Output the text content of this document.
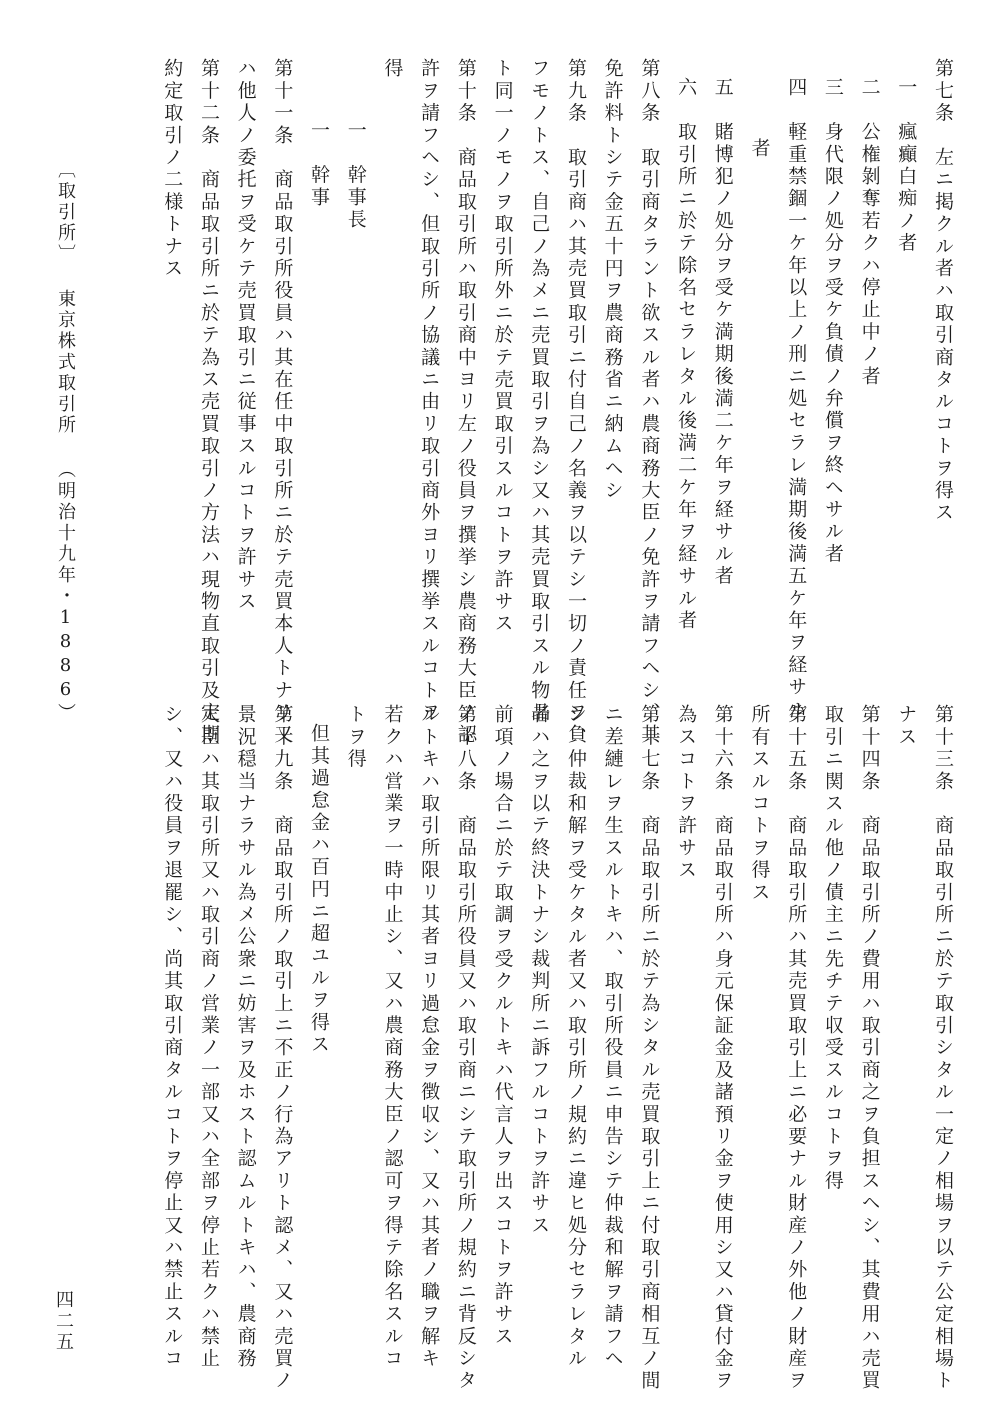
第七条　左ニ掲クル者ハ取引商タルコトヲ得ス
一　瘋癲白痴ノ者
二　公権剝奪若クハ停止中ノ者
三　身代限ノ処分ヲ受ケ負債ノ弁償ヲ終ヘサル者
四　軽重禁錮一ケ年以上ノ刑ニ処セラレ満期後満五ケ年ヲ経サル
者
五　賭博犯ノ処分ヲ受ケ満期後満二ケ年ヲ経サル者
六　取引所ニ於テ除名セラレタル後満二ケ年ヲ経サル者
第八条　取引商タラント欲スル者ハ農商務大臣ノ免許ヲ請フヘシ、其
免許料トシテ金五十円ヲ農商務省ニ納ムヘシ
第九条　取引商ハ其売買取引ニ付自己ノ名義ヲ以テシ一切ノ責任ヲ負
フモノトス、自己ノ為メニ売買取引ヲ為シ又ハ其売買取引スル物品
ト同一ノモノヲ取引所外ニ於テ売買取引スルコトヲ許サス
第十条　商品取引所ハ取引商中ヨリ左ノ役員ヲ撰挙シ農商務大臣ノ認
許ヲ請フヘシ、但取引所ノ協議ニ由リ取引商外ヨリ撰挙スルコトヲ
得
一　幹事長
一　幹事
第十一条　商品取引所役員ハ其在任中取引所ニ於テ売買本人トナリ又
ハ他人ノ委托ヲ受ケテ売買取引ニ従事スルコトヲ許サス
第十二条　商品取引所ニ於テ為ス売買取引ノ方法ハ現物直取引及定期
約定取引ノ二様トナス
第十三条　商品取引所ニ於テ取引シタル一定ノ相場ヲ以テ公定相場ト
ナス
第十四条　商品取引所ノ費用ハ取引商之ヲ負担スヘシ、其費用ハ売買
取引ニ関スル他ノ債主ニ先チテ収受スルコトヲ得
第十五条　商品取引所ハ其売買取引上ニ必要ナル財産ノ外他ノ財産ヲ
所有スルコトヲ得ス
第十六条　商品取引所ハ身元保証金及諸預リ金ヲ使用シ又ハ貸付金ヲ
為スコトヲ許サス
第十七条　商品取引所ニ於テ為シタル売買取引上ニ付取引商相互ノ間
ニ差縺レヲ生スルトキハ、取引所役員ニ申告シテ仲裁和解ヲ請フヘ
シ、仲裁和解ヲ受ケタル者又ハ取引所ノ規約ニ違ヒ処分セラレタル
者ハ之ヲ以テ終決トナシ裁判所ニ訴フルコトヲ許サス
前項ノ場合ニ於テ取調ヲ受クルトキハ代言人ヲ出スコトヲ許サス
第十八条　商品取引所役員又ハ取引商ニシテ取引所ノ規約ニ背反シタ
ルトキハ取引所限リ其者ヨリ過怠金ヲ徴収シ、又ハ其者ノ職ヲ解キ
若クハ営業ヲ一時中止シ、又ハ農商務大臣ノ認可ヲ得テ除名スルコ
トヲ得
但其過怠金ハ百円ニ超ユルヲ得ス
第十九条　商品取引所ノ取引上ニ不正ノ行為アリト認メ、又ハ売買ノ
景況穏当ナラサル為メ公衆ニ妨害ヲ及ホスト認ムルトキハ、農商務
大臣ハ其取引所又ハ取引商ノ営業ノ一部又ハ全部ヲ停止若クハ禁止
シ、又ハ役員ヲ退罷シ、尚其取引商タルコトヲ停止又ハ禁止スルコ
〔取引所〕 東京株式取引所 （明治十九年・1886）
四二五
